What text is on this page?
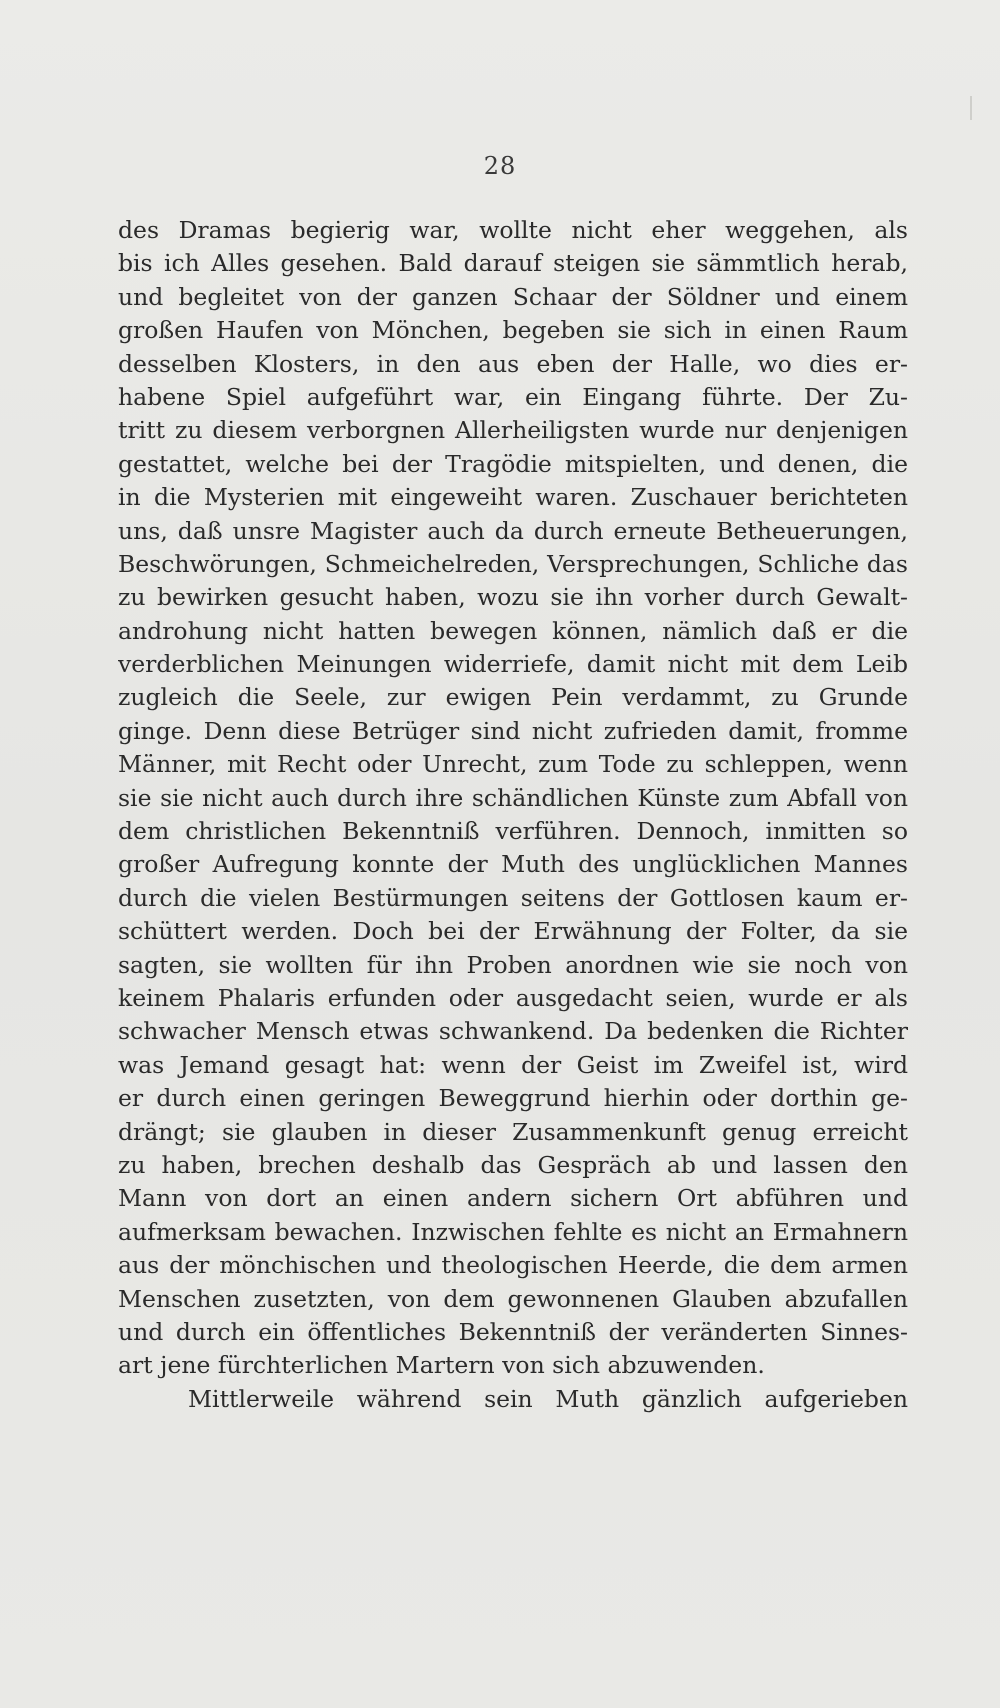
28
des Dramas begierig war, wollte nicht eher weggehen, als
bis ich Alles gesehen. Bald darauf steigen sie sämmtlich herab,
und begleitet von der ganzen Schaar der Söldner und einem
großen Haufen von Mönchen, begeben sie sich in einen Raum
desselben Klosters, in den aus eben der Halle, wo dies er-
habene Spiel aufgeführt war, ein Eingang führte. Der Zu-
tritt zu diesem verborgnen Allerheiligsten wurde nur denjenigen
gestattet, welche bei der Tragödie mitspielten, und denen, die
in die Mysterien mit eingeweiht waren. Zuschauer berichteten
uns, daß unsre Magister auch da durch erneute Betheuerungen,
Beschwörungen, Schmeichelreden, Versprechungen, Schliche das
zu bewirken gesucht haben, wozu sie ihn vorher durch Gewalt-
androhung nicht hatten bewegen können, nämlich daß er die
verderblichen Meinungen widerriefe, damit nicht mit dem Leib
zugleich die Seele, zur ewigen Pein verdammt, zu Grunde
ginge. Denn diese Betrüger sind nicht zufrieden damit, fromme
Männer, mit Recht oder Unrecht, zum Tode zu schleppen, wenn
sie sie nicht auch durch ihre schändlichen Künste zum Abfall von
dem christlichen Bekenntniß verführen. Dennoch, inmitten so
großer Aufregung konnte der Muth des unglücklichen Mannes
durch die vielen Bestürmungen seitens der Gottlosen kaum er-
schüttert werden. Doch bei der Erwähnung der Folter, da sie
sagten, sie wollten für ihn Proben anordnen wie sie noch von
keinem Phalaris erfunden oder ausgedacht seien, wurde er als
schwacher Mensch etwas schwankend. Da bedenken die Richter
was Jemand gesagt hat: wenn der Geist im Zweifel ist, wird
er durch einen geringen Beweggrund hierhin oder dorthin ge-
drängt; sie glauben in dieser Zusammenkunft genug erreicht
zu haben, brechen deshalb das Gespräch ab und lassen den
Mann von dort an einen andern sichern Ort abführen und
aufmerksam bewachen. Inzwischen fehlte es nicht an Ermahnern
aus der mönchischen und theologischen Heerde, die dem armen
Menschen zusetzten, von dem gewonnenen Glauben abzufallen
und durch ein öffentliches Bekenntniß der veränderten Sinnes-
art jene fürchterlichen Martern von sich abzuwenden.
Mittlerweile während sein Muth gänzlich aufgerieben
